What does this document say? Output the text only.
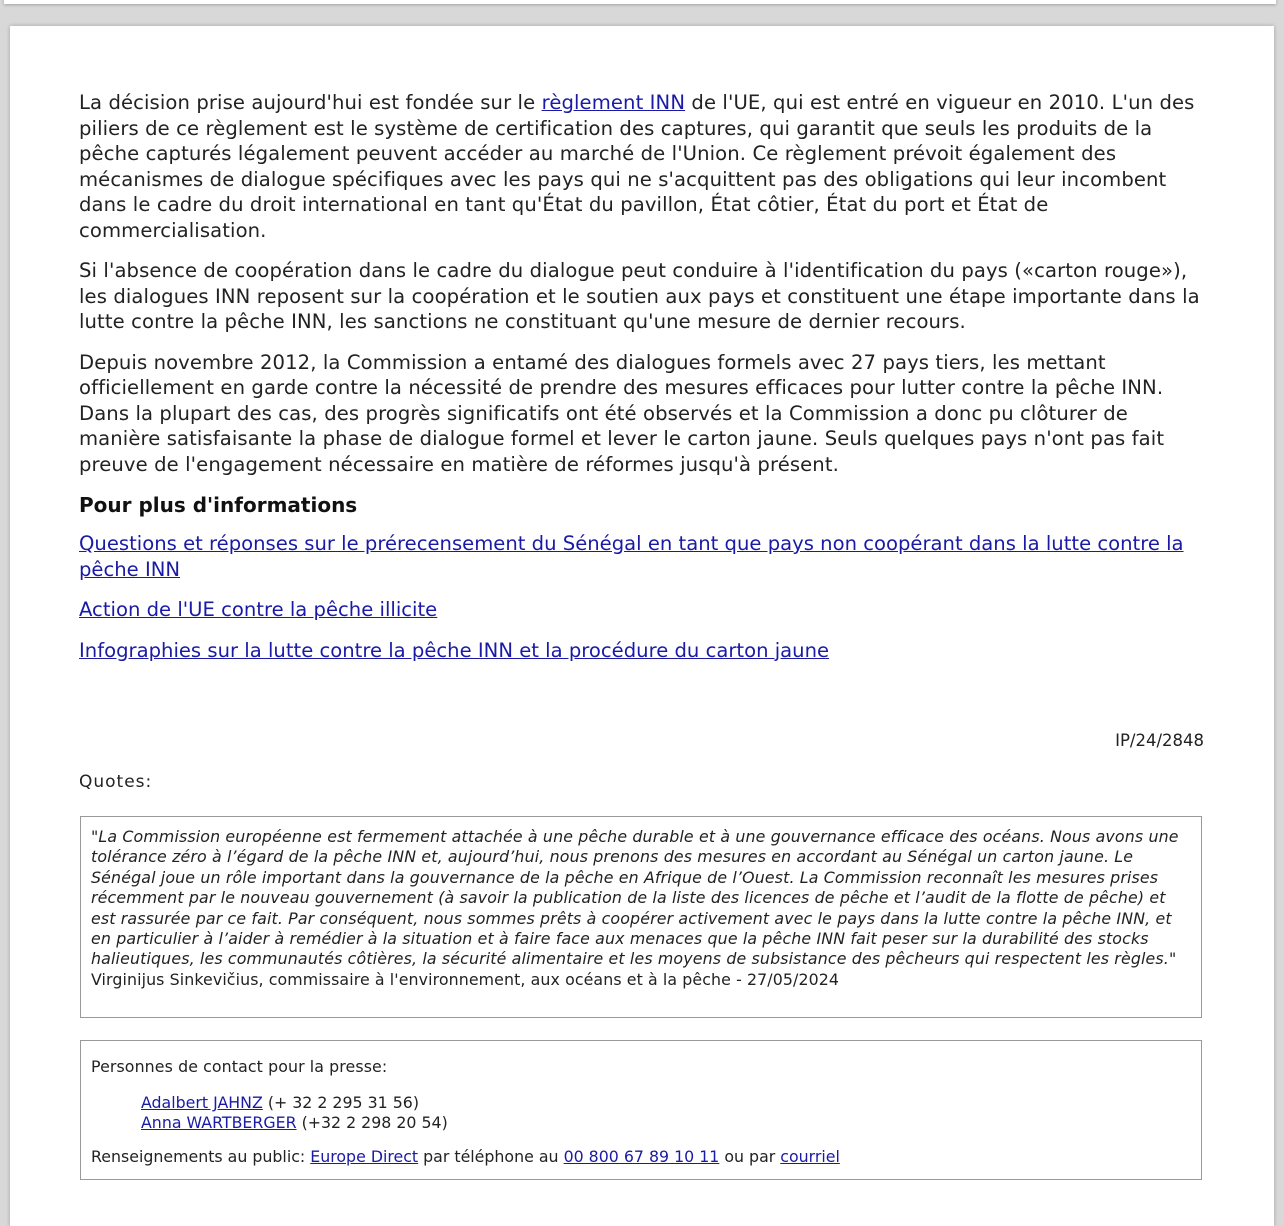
La décision prise aujourd'hui est fondée sur le règlement INN de l'UE, qui est entré en vigueur en 2010. L'un des piliers de ce règlement est le système de certification des captures, qui garantit que seuls les produits de la pêche capturés légalement peuvent accéder au marché de l'Union. Ce règlement prévoit également des mécanismes de dialogue spécifiques avec les pays qui ne s'acquittent pas des obligations qui leur incombent dans le cadre du droit international en tant qu'État du pavillon, État côtier, État du port et État de commercialisation.

Si l'absence de coopération dans le cadre du dialogue peut conduire à l'identification du pays («carton rouge»), les dialogues INN reposent sur la coopération et le soutien aux pays et constituent une étape importante dans la lutte contre la pêche INN, les sanctions ne constituant qu'une mesure de dernier recours.

Depuis novembre 2012, la Commission a entamé des dialogues formels avec 27 pays tiers, les mettant officiellement en garde contre la nécessité de prendre des mesures efficaces pour lutter contre la pêche INN. Dans la plupart des cas, des progrès significatifs ont été observés et la Commission a donc pu clôturer de manière satisfaisante la phase de dialogue formel et lever le carton jaune. Seuls quelques pays n'ont pas fait preuve de l'engagement nécessaire en matière de réformes jusqu'à présent.

Pour plus d'informations

Questions et réponses sur le prérecensement du Sénégal en tant que pays non coopérant dans la lutte contre la pêche INN

Action de l'UE contre la pêche illicite

Infographies sur la lutte contre la pêche INN et la procédure du carton jaune

IP/24/2848
Quotes:

"La Commission européenne est fermement attachée à une pêche durable et à une gouvernance efficace des océans. Nous avons une tolérance zéro à l’égard de la pêche INN et, aujourd’hui, nous prenons des mesures en accordant au Sénégal un carton jaune. Le Sénégal joue un rôle important dans la gouvernance de la pêche en Afrique de l’Ouest. La Commission reconnaît les mesures prises récemment par le nouveau gouvernement (à savoir la publication de la liste des licences de pêche et l’audit de la flotte de pêche) et est rassurée par ce fait. Par conséquent, nous sommes prêts à coopérer activement avec le pays dans la lutte contre la pêche INN, et en particulier à l’aider à remédier à la situation et à faire face aux menaces que la pêche INN fait peser sur la durabilité des stocks halieutiques, les communautés côtières, la sécurité alimentaire et les moyens de subsistance des pêcheurs qui respectent les règles."

Virginijus Sinkevičius, commissaire à l'environnement, aux océans et à la pêche - 27/05/2024

Personnes de contact pour la presse:

Adalbert JAHNZ (+ 32 2 295 31 56)
Anna WARTBERGER (+32 2 298 20 54)
Renseignements au public: Europe Direct par téléphone au 00 800 67 89 10 11 ou par courriel
